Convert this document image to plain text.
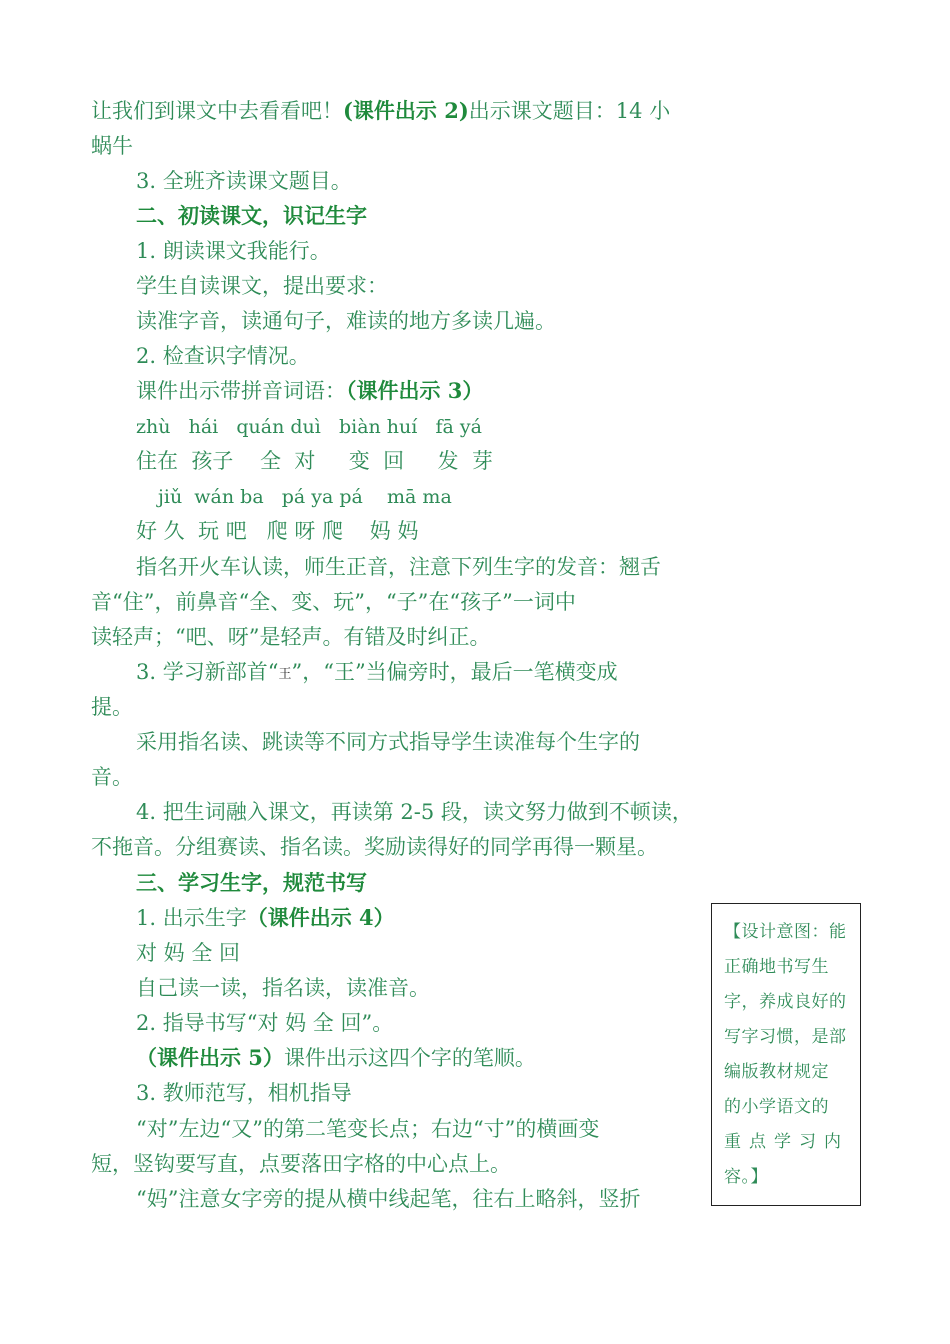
让我们到课文中去看看吧！(课件出示 2)出示课文题目：14 小
蜗牛
3. 全班齐读课文题目。
二、初读课文，识记生字
1. 朗读课文我能行。
学生自读课文，提出要求：
读准字音，读通句子，难读的地方多读几遍。
2. 检查识字情况。
课件出示带拼音词语：（课件出示 3）
zhù   hái   quán duì   biàn huí   fā yá
住在  孩子    全  对     变  回     发  芽
jiǔ  wán ba   pá ya pá    mā ma
好 久  玩 吧   爬 呀 爬    妈 妈
指名开火车认读，师生正音，注意下列生字的发音：翘舌
音“住”，前鼻音“全、变、玩”，“子”在“孩子”一词中
读轻声；“吧、呀”是轻声。有错及时纠正。
3. 学习新部首“王”，“王”当偏旁时，最后一笔横变成
提。
采用指名读、跳读等不同方式指导学生读准每个生字的
音。
4. 把生词融入课文，再读第 2-5 段，读文努力做到不顿读，
不拖音。分组赛读、指名读。奖励读得好的同学再得一颗星。
三、学习生字，规范书写
1. 出示生字（课件出示 4）
对 妈 全 回
自己读一读，指名读，读准音。
2. 指导书写“对 妈 全 回”。
（课件出示 5）课件出示这四个字的笔顺。
3. 教师范写，相机指导
“对”左边“又”的第二笔变长点；右边“寸”的横画变
短，竖钩要写直，点要落田字格的中心点上。
“妈”注意女字旁的提从横中线起笔，往右上略斜，竖折
【设计意图：能
正确地书写生
字，养成良好的
写字习惯，是部
编版教材规定
的小学语文的
重点学习内
容。】
